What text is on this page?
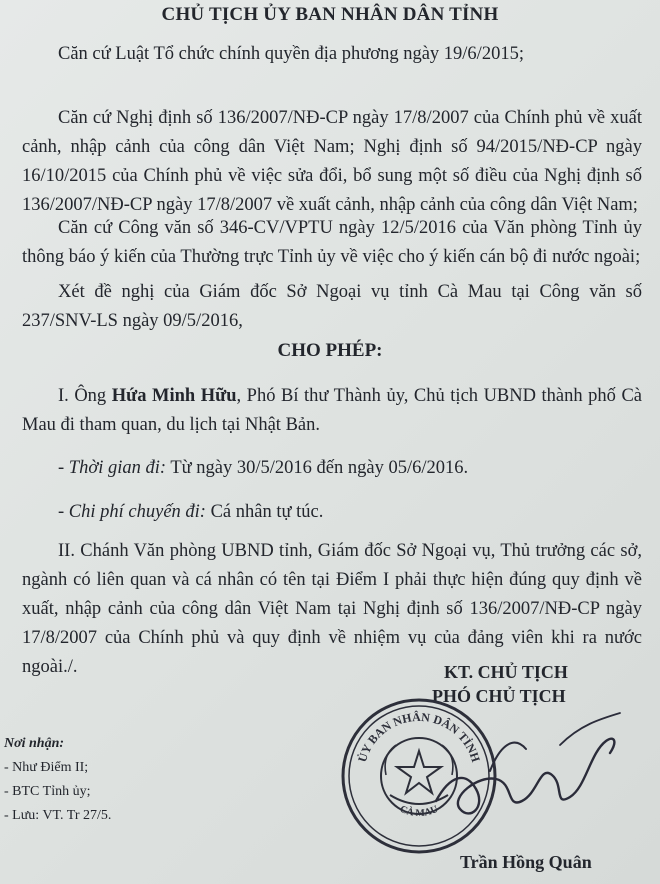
CHỦ TỊCH ỦY BAN NHÂN DÂN TỈNH

Căn cứ Luật Tổ chức chính quyền địa phương ngày 19/6/2015;

Căn cứ Nghị định số 136/2007/NĐ-CP ngày 17/8/2007 của Chính phủ về xuất cảnh, nhập cảnh của công dân Việt Nam; Nghị định số 94/2015/NĐ-CP ngày 16/10/2015 của Chính phủ về việc sửa đổi, bổ sung một số điều của Nghị định số 136/2007/NĐ-CP ngày 17/8/2007 về xuất cảnh, nhập cảnh của công dân Việt Nam;

Căn cứ Công văn số 346-CV/VPTU ngày 12/5/2016 của Văn phòng Tỉnh ủy thông báo ý kiến của Thường trực Tỉnh ủy về việc cho ý kiến cán bộ đi nước ngoài;

Xét đề nghị của Giám đốc Sở Ngoại vụ tỉnh Cà Mau tại Công văn số 237/SNV-LS ngày 09/5/2016,

CHO PHÉP:

I. Ông Hứa Minh Hữu, Phó Bí thư Thành ủy, Chủ tịch UBND thành phố Cà Mau đi tham quan, du lịch tại Nhật Bản.

- Thời gian đi: Từ ngày 30/5/2016 đến ngày 05/6/2016.
- Chi phí chuyến đi: Cá nhân tự túc.

II. Chánh Văn phòng UBND tỉnh, Giám đốc Sở Ngoại vụ, Thủ trưởng các sở, ngành có liên quan và cá nhân có tên tại Điểm I phải thực hiện đúng quy định về xuất, nhập cảnh của công dân Việt Nam tại Nghị định số 136/2007/NĐ-CP ngày 17/8/2007 của Chính phủ và quy định về nhiệm vụ của đảng viên khi ra nước ngoài./.	KT. CHỦ TỊCH
PHÓ CHỦ TỊCH
ỦY BAN NHÂN DÂN TỈNH
CÀ MAU
Nơi nhận:
- Như Điểm II;
- BTC Tỉnh ủy;
- Lưu: VT. Tr 27/5.
Trần Hồng Quân
